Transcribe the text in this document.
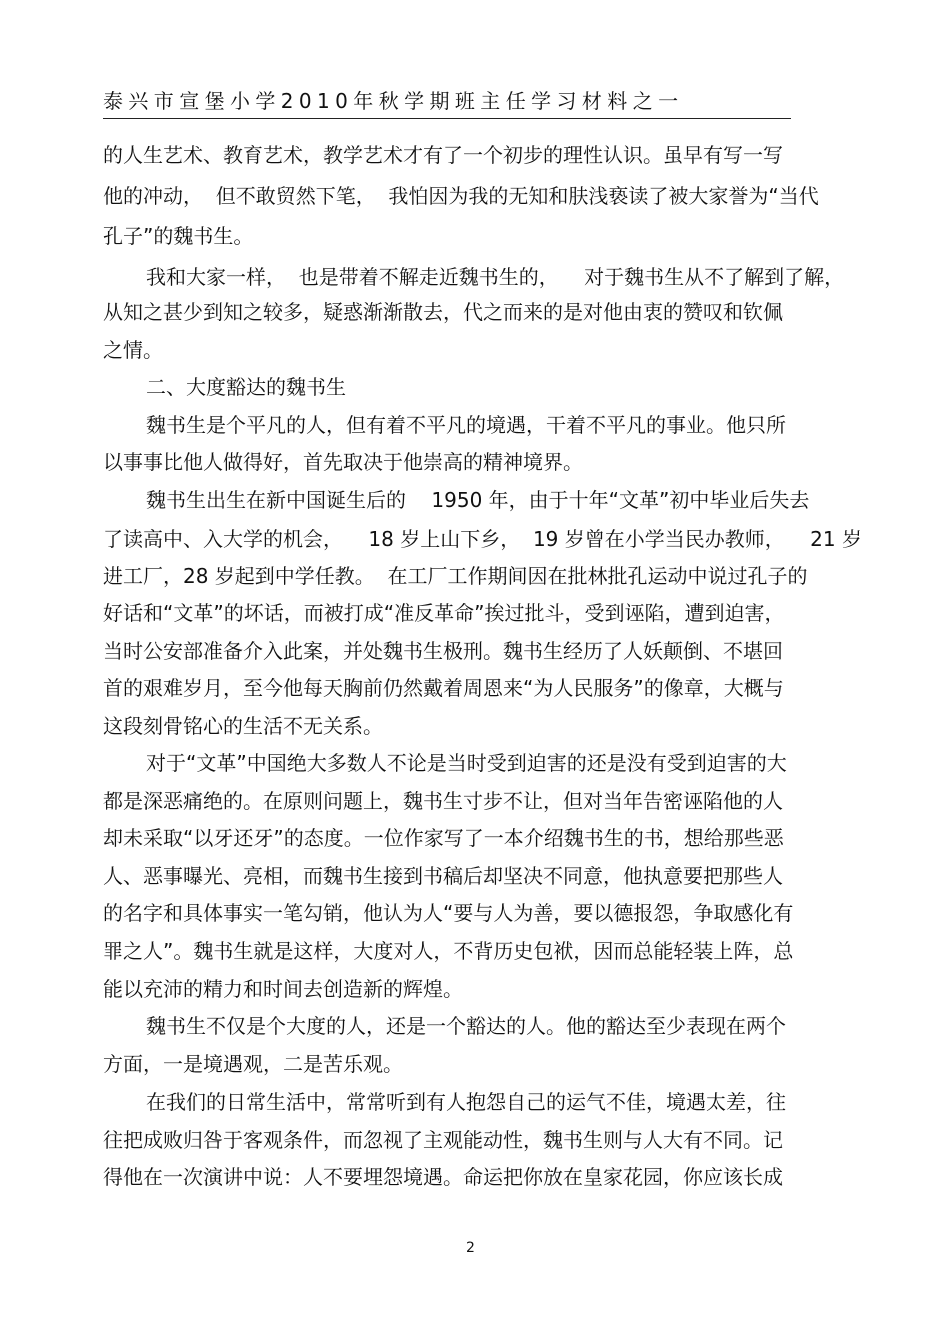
泰兴市宣堡小学2010年秋学期班主任学习材料之一
的人生艺术、教育艺术，教学艺术才有了一个初步的理性认识。虽早有写一写
他的冲动，  但不敢贸然下笔，  我怕因为我的无知和肤浅亵读了被大家誉为“当代
孔子”的魏书生。
我和大家一样，  也是带着不解走近魏书生的，    对于魏书生从不了解到了解，
从知之甚少到知之较多，疑惑渐渐散去，代之而来的是对他由衷的赞叹和钦佩
之情。
二、大度豁达的魏书生
魏书生是个平凡的人，但有着不平凡的境遇，干着不平凡的事业。他只所
以事事比他人做得好，首先取决于他崇高的精神境界。
魏书生出生在新中国诞生后的    1950 年，由于十年“文革”初中毕业后失去
了读高中、入大学的机会，    18 岁上山下乡，  19 岁曾在小学当民办教师，    21 岁
进工厂，28 岁起到中学任教。  在工厂工作期间因在批林批孔运动中说过孔子的
好话和“文革”的坏话，而被打成“准反革命”挨过批斗，受到诬陷，遭到迫害，
当时公安部准备介入此案，并处魏书生极刑。魏书生经历了人妖颠倒、不堪回
首的艰难岁月，至今他每天胸前仍然戴着周恩来“为人民服务”的像章，大概与
这段刻骨铭心的生活不无关系。
对于“文革”中国绝大多数人不论是当时受到迫害的还是没有受到迫害的大
都是深恶痛绝的。在原则问题上，魏书生寸步不让，但对当年告密诬陷他的人
却未采取“以牙还牙”的态度。一位作家写了一本介绍魏书生的书，想给那些恶
人、恶事曝光、亮相，而魏书生接到书稿后却坚决不同意，他执意要把那些人
的名字和具体事实一笔勾销，他认为人“要与人为善，要以德报怨，争取感化有
罪之人”。魏书生就是这样，大度对人，不背历史包袱，因而总能轻装上阵，总
能以充沛的精力和时间去创造新的辉煌。
魏书生不仅是个大度的人，还是一个豁达的人。他的豁达至少表现在两个
方面，一是境遇观，二是苦乐观。
在我们的日常生活中，常常听到有人抱怨自己的运气不佳，境遇太差，往
往把成败归咎于客观条件，而忽视了主观能动性，魏书生则与人大有不同。记
得他在一次演讲中说：人不要埋怨境遇。命运把你放在皇家花园，你应该长成
2
